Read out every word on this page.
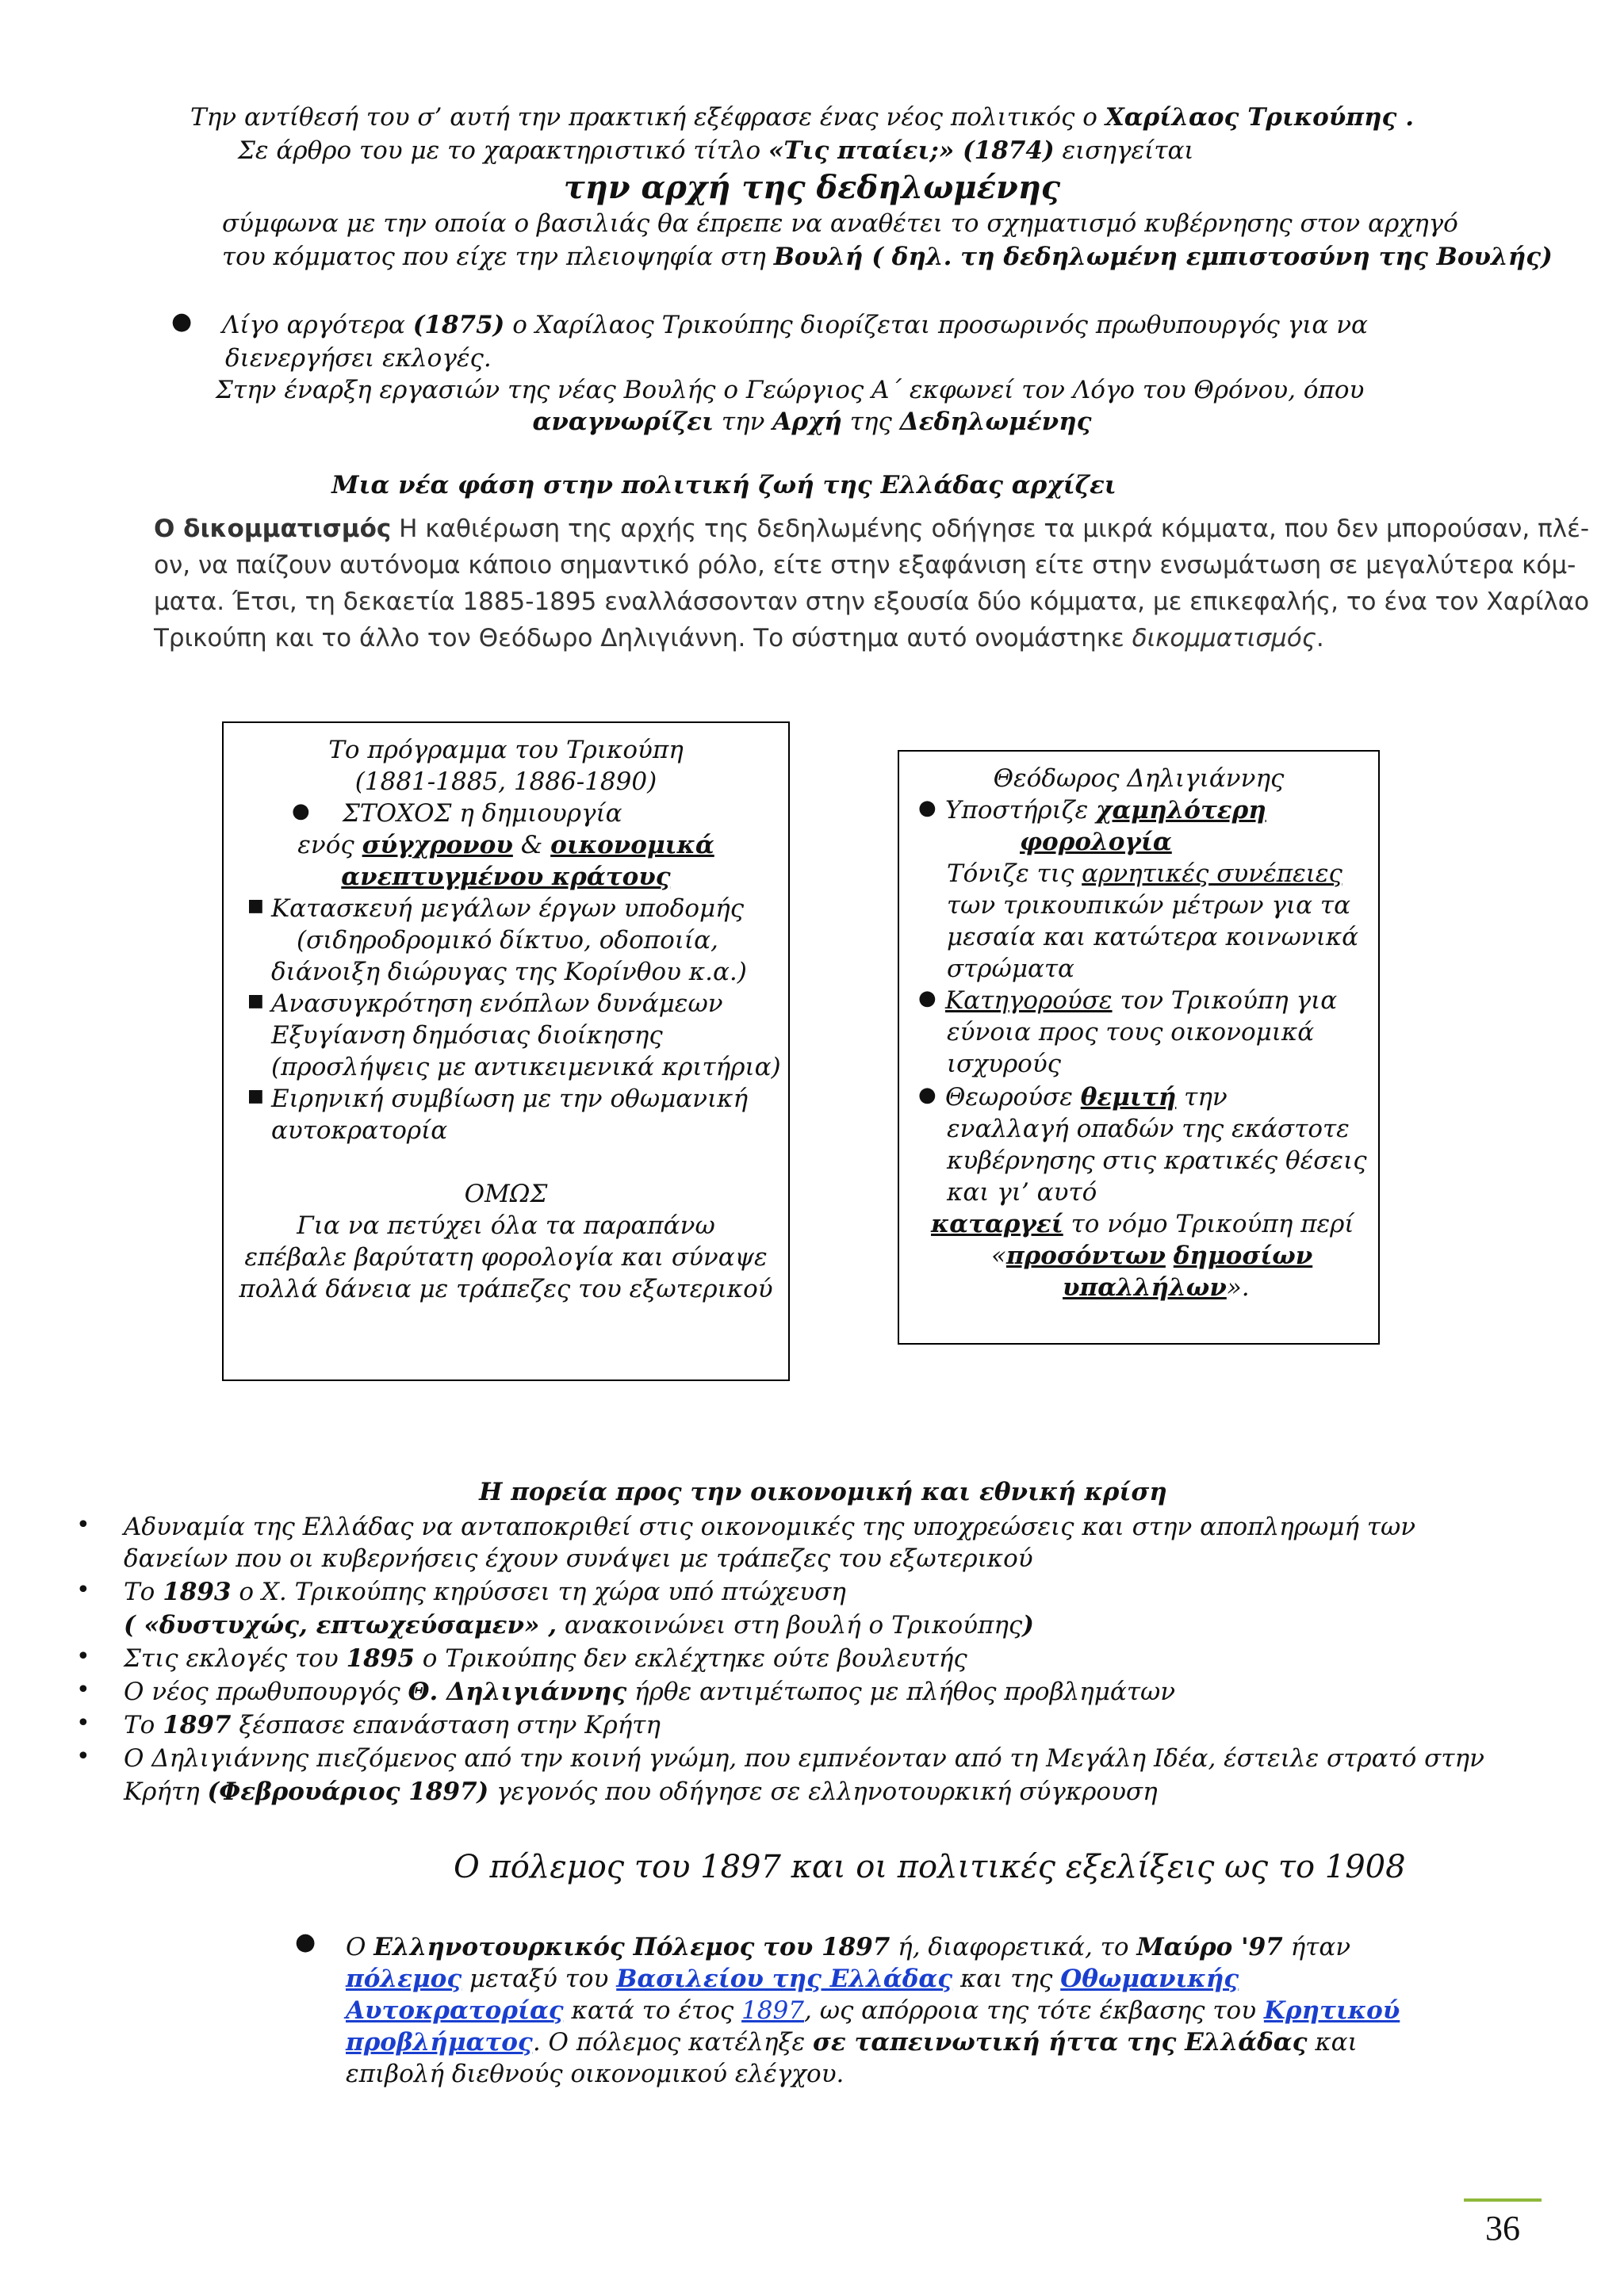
Την αντίθεσή του σ’ αυτή την πρακτική εξέφρασε ένας νέος πολιτικός ο Χαρίλαος Τρικούπης .
Σε άρθρο του με το χαρακτηριστικό τίτλο «Τις πταίει;» (1874) εισηγείται
την αρχή της δεδηλωμένης
σύμφωνα με την οποία ο βασιλιάς θα έπρεπε να αναθέτει το σχηματισμό κυβέρνησης στον αρχηγό
του κόμματος που είχε την πλειοψηφία στη Βουλή ( δηλ. τη δεδηλωμένη εμπιστοσύνη της Βουλής)
● Λίγο αργότερα (1875) ο Χαρίλαος Τρικούπης διορίζεται προσωρινός πρωθυπουργός για να
διενεργήσει εκλογές.
Στην έναρξη εργασιών της νέας Βουλής ο Γεώργιος Α΄ εκφωνεί τον Λόγο του Θρόνου, όπου
αναγνωρίζει την Αρχή της Δεδηλωμένης
Μια νέα φάση στην πολιτική ζωή της Ελλάδας αρχίζει
Ο δικομματισμός Η καθιέρωση της αρχής της δεδηλωμένης οδήγησε τα μικρά κόμματα, που δεν μπορούσαν, πλέ-
ον, να παίζουν αυτόνομα κάποιο σημαντικό ρόλο, είτε στην εξαφάνιση είτε στην ενσωμάτωση σε μεγαλύτερα κόμ-
ματα. Έτσι, τη δεκαετία 1885-1895 εναλλάσσονταν στην εξουσία δύο κόμματα, με επικεφαλής, το ένα τον Χαρίλαο
Τρικούπη και το άλλο τον Θεόδωρο Δηλιγιάννη. Το σύστημα αυτό ονομάστηκε δικομματισμός.
Το πρόγραμμα του Τρικούπη
(1881-1885, 1886-1890)
● ΣΤΟΧΟΣ η δημιουργία
ενός σύγχρονου & οικονομικά
ανεπτυγμένου κράτους
■ Κατασκευή μεγάλων έργων υποδομής
(σιδηροδρομικό δίκτυο, οδοποιία,
διάνοιξη διώρυγας της Κορίνθου κ.α.)
■ Ανασυγκρότηση ενόπλων δυνάμεων
Εξυγίανση δημόσιας διοίκησης
(προσλήψεις με αντικειμενικά κριτήρια)
■ Ειρηνική συμβίωση με την οθωμανική
αυτοκρατορία
ΟΜΩΣ
Για να πετύχει όλα τα παραπάνω
επέβαλε βαρύτατη φορολογία και σύναψε
πολλά δάνεια με τράπεζες του εξωτερικού
Θεόδωρος Δηλιγιάννης
● Υποστήριζε χαμηλότερη
φορολογία
Τόνιζε τις αρνητικές συνέπειες
των τρικουπικών μέτρων για τα
μεσαία και κατώτερα κοινωνικά
στρώματα
● Κατηγορούσε τον Τρικούπη για
εύνοια προς τους οικονομικά
ισχυρούς
● Θεωρούσε θεμιτή την
εναλλαγή οπαδών της εκάστοτε
κυβέρνησης στις κρατικές θέσεις
και γι’ αυτό
καταργεί το νόμο Τρικούπη περί
«προσόντων δημοσίων
υπαλλήλων».
Η πορεία προς την οικονομική και εθνική κρίση
• Αδυναμία της Ελλάδας να ανταποκριθεί στις οικονομικές της υποχρεώσεις και στην αποπληρωμή των
δανείων που οι κυβερνήσεις έχουν συνάψει με τράπεζες του εξωτερικού
• Το 1893 ο Χ. Τρικούπης κηρύσσει τη χώρα υπό πτώχευση
( «δυστυχώς, επτωχεύσαμεν» , ανακοινώνει στη βουλή ο Τρικούπης)
• Στις εκλογές του 1895 ο Τρικούπης δεν εκλέχτηκε ούτε βουλευτής
• Ο νέος πρωθυπουργός Θ. Δηλιγιάννης ήρθε αντιμέτωπος με πλήθος προβλημάτων
• Το 1897 ξέσπασε επανάσταση στην Κρήτη
• Ο Δηλιγιάννης πιεζόμενος από την κοινή γνώμη, που εμπνέονταν από τη Μεγάλη Ιδέα, έστειλε στρατό στην
Κρήτη (Φεβρουάριος 1897) γεγονός που οδήγησε σε ελληνοτουρκική σύγκρουση
Ο πόλεμος του 1897 και οι πολιτικές εξελίξεις ως το 1908
● Ο Ελληνοτουρκικός Πόλεμος του 1897 ή, διαφορετικά, το Μαύρο '97 ήταν
πόλεμος μεταξύ του Βασιλείου της Ελλάδας και της Οθωμανικής
Αυτοκρατορίας κατά το έτος 1897, ως απόρροια της τότε έκβασης του Κρητικού
προβλήματος. Ο πόλεμος κατέληξε σε ταπεινωτική ήττα της Ελλάδας και
επιβολή διεθνούς οικονομικού ελέγχου.
36
